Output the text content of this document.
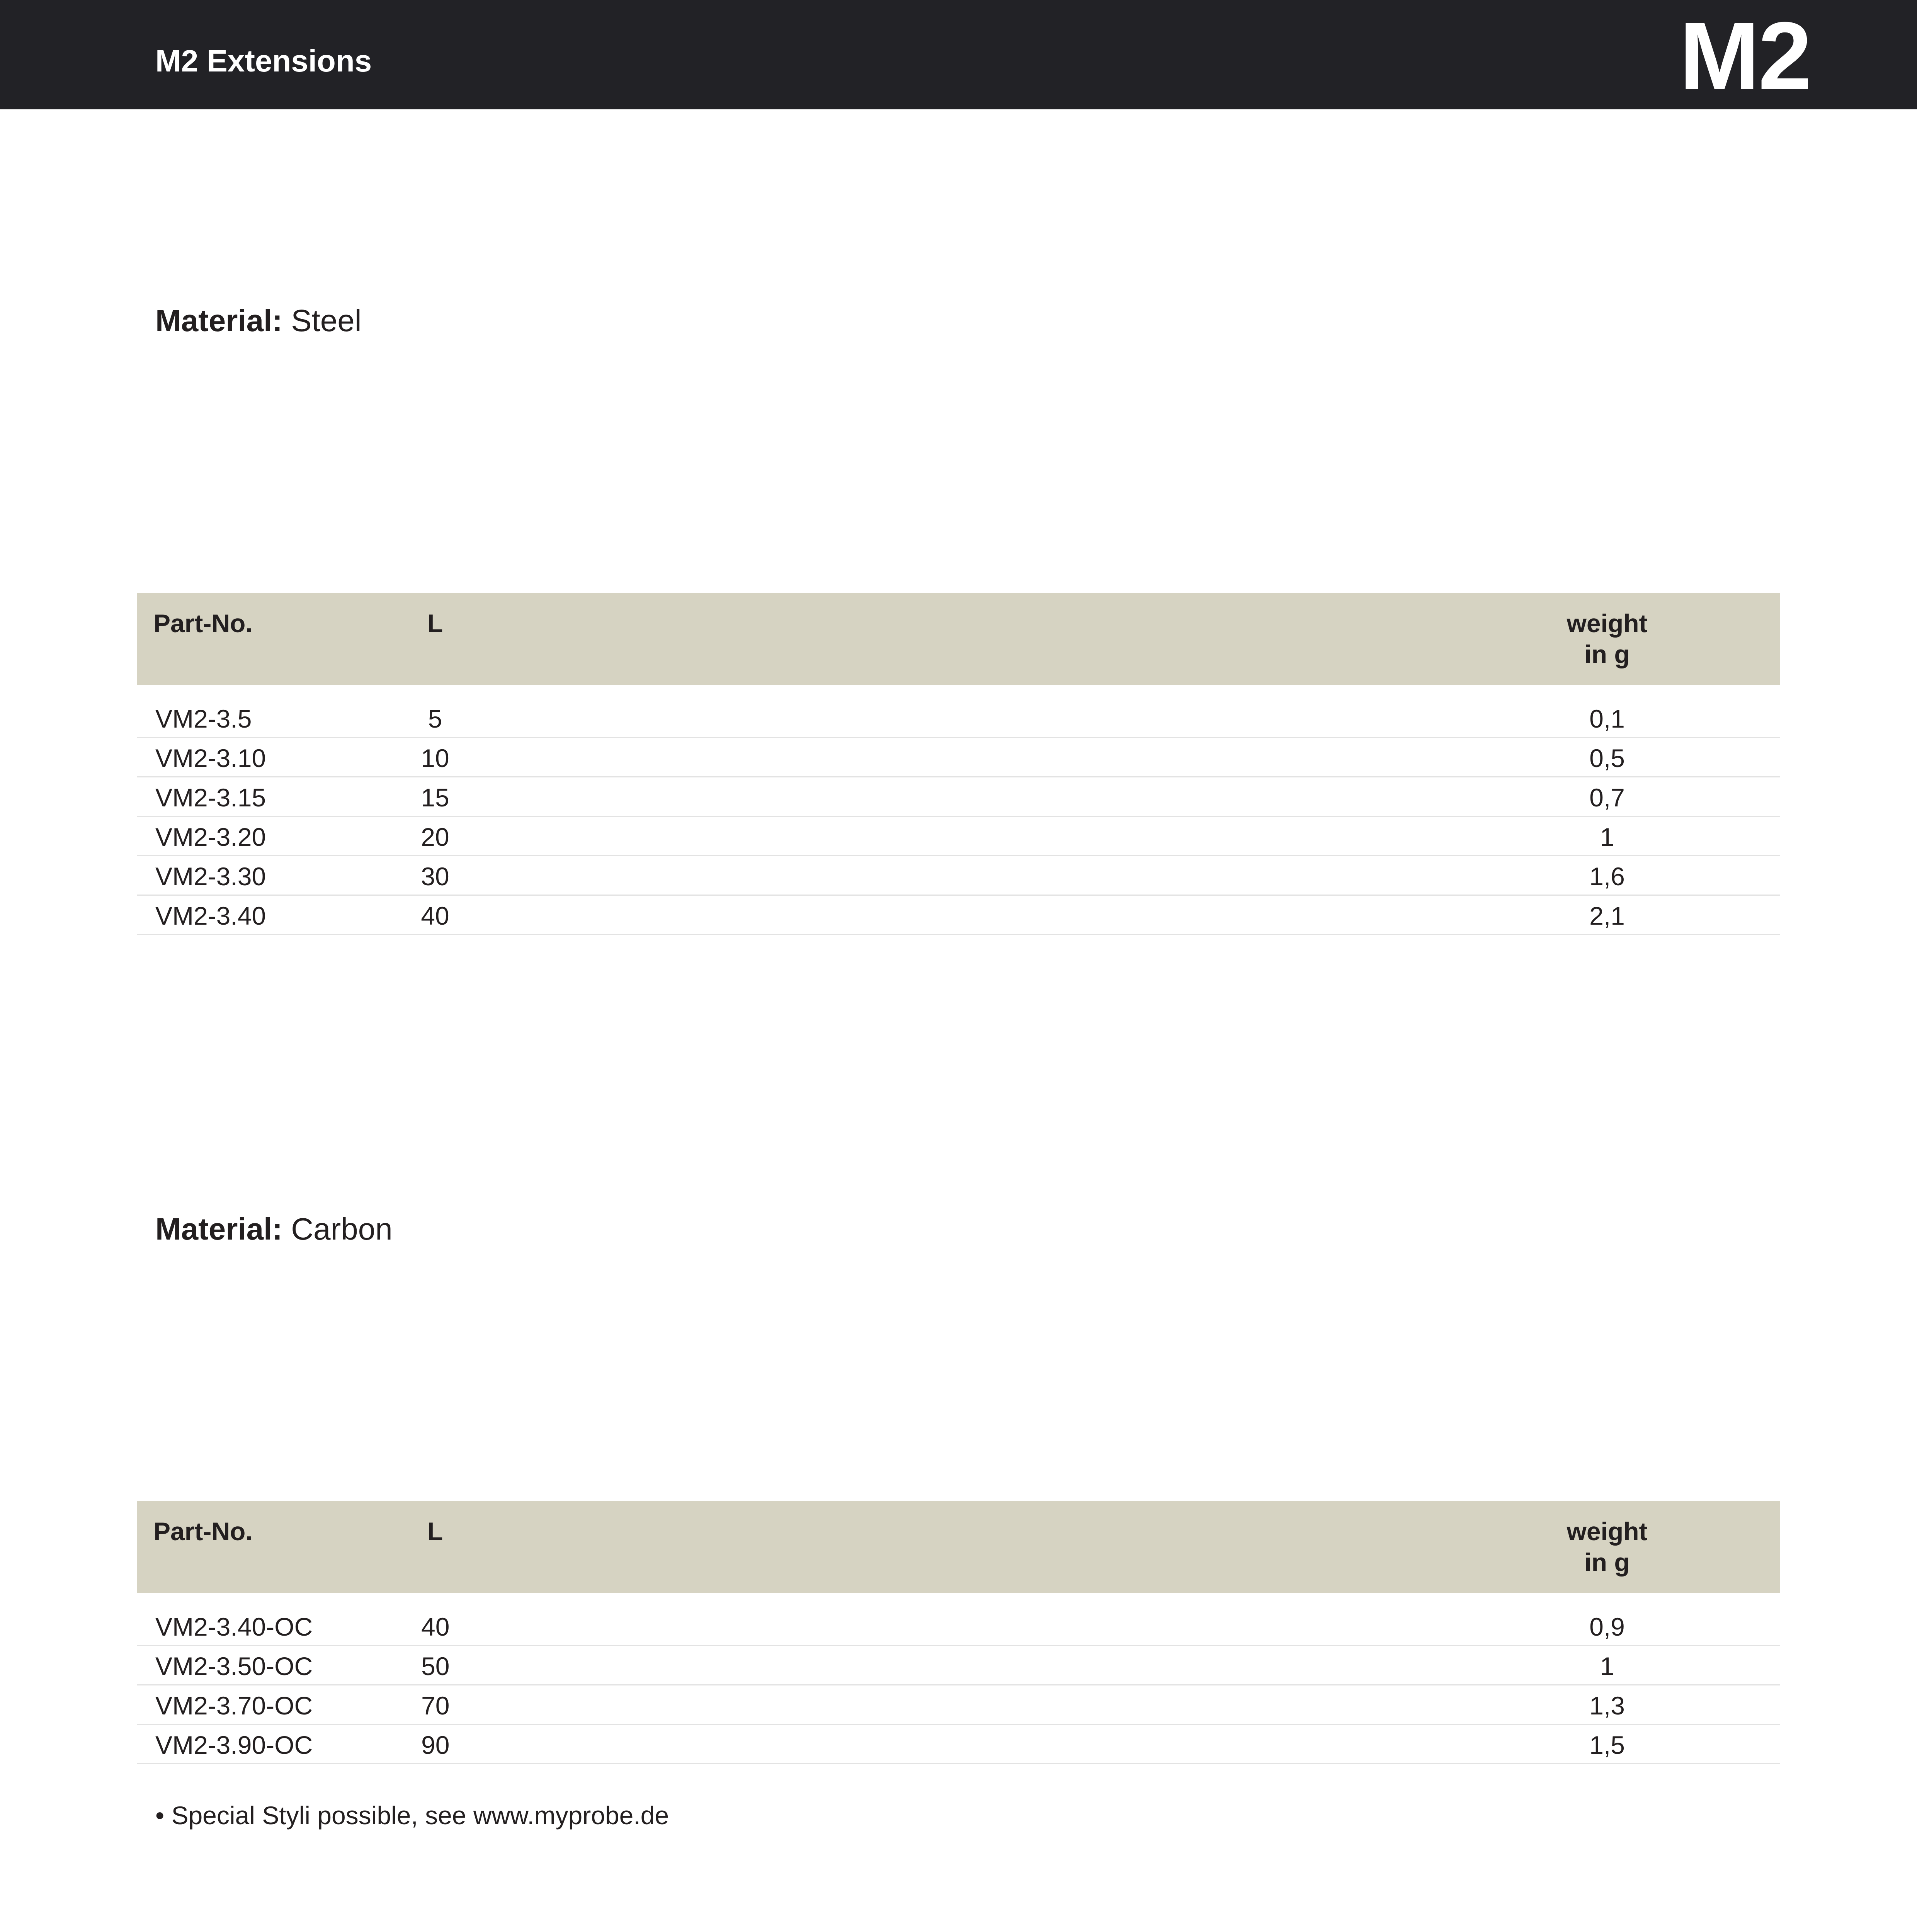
M2 Extensions	M2
Material: Steel
Part-No.	L	weight
in g
VM2-3.5	5	0,1
VM2-3.10	10	0,5
VM2-3.15	15	0,7
VM2-3.20	20	1
VM2-3.30	30	1,6
VM2-3.40	40	2,1
Material: Carbon
Part-No.	L	weight
in g
VM2-3.40-OC	40	0,9
VM2-3.50-OC	50	1
VM2-3.70-OC	70	1,3
VM2-3.90-OC	90	1,5
• Special Styli possible, see www.myprobe.de
